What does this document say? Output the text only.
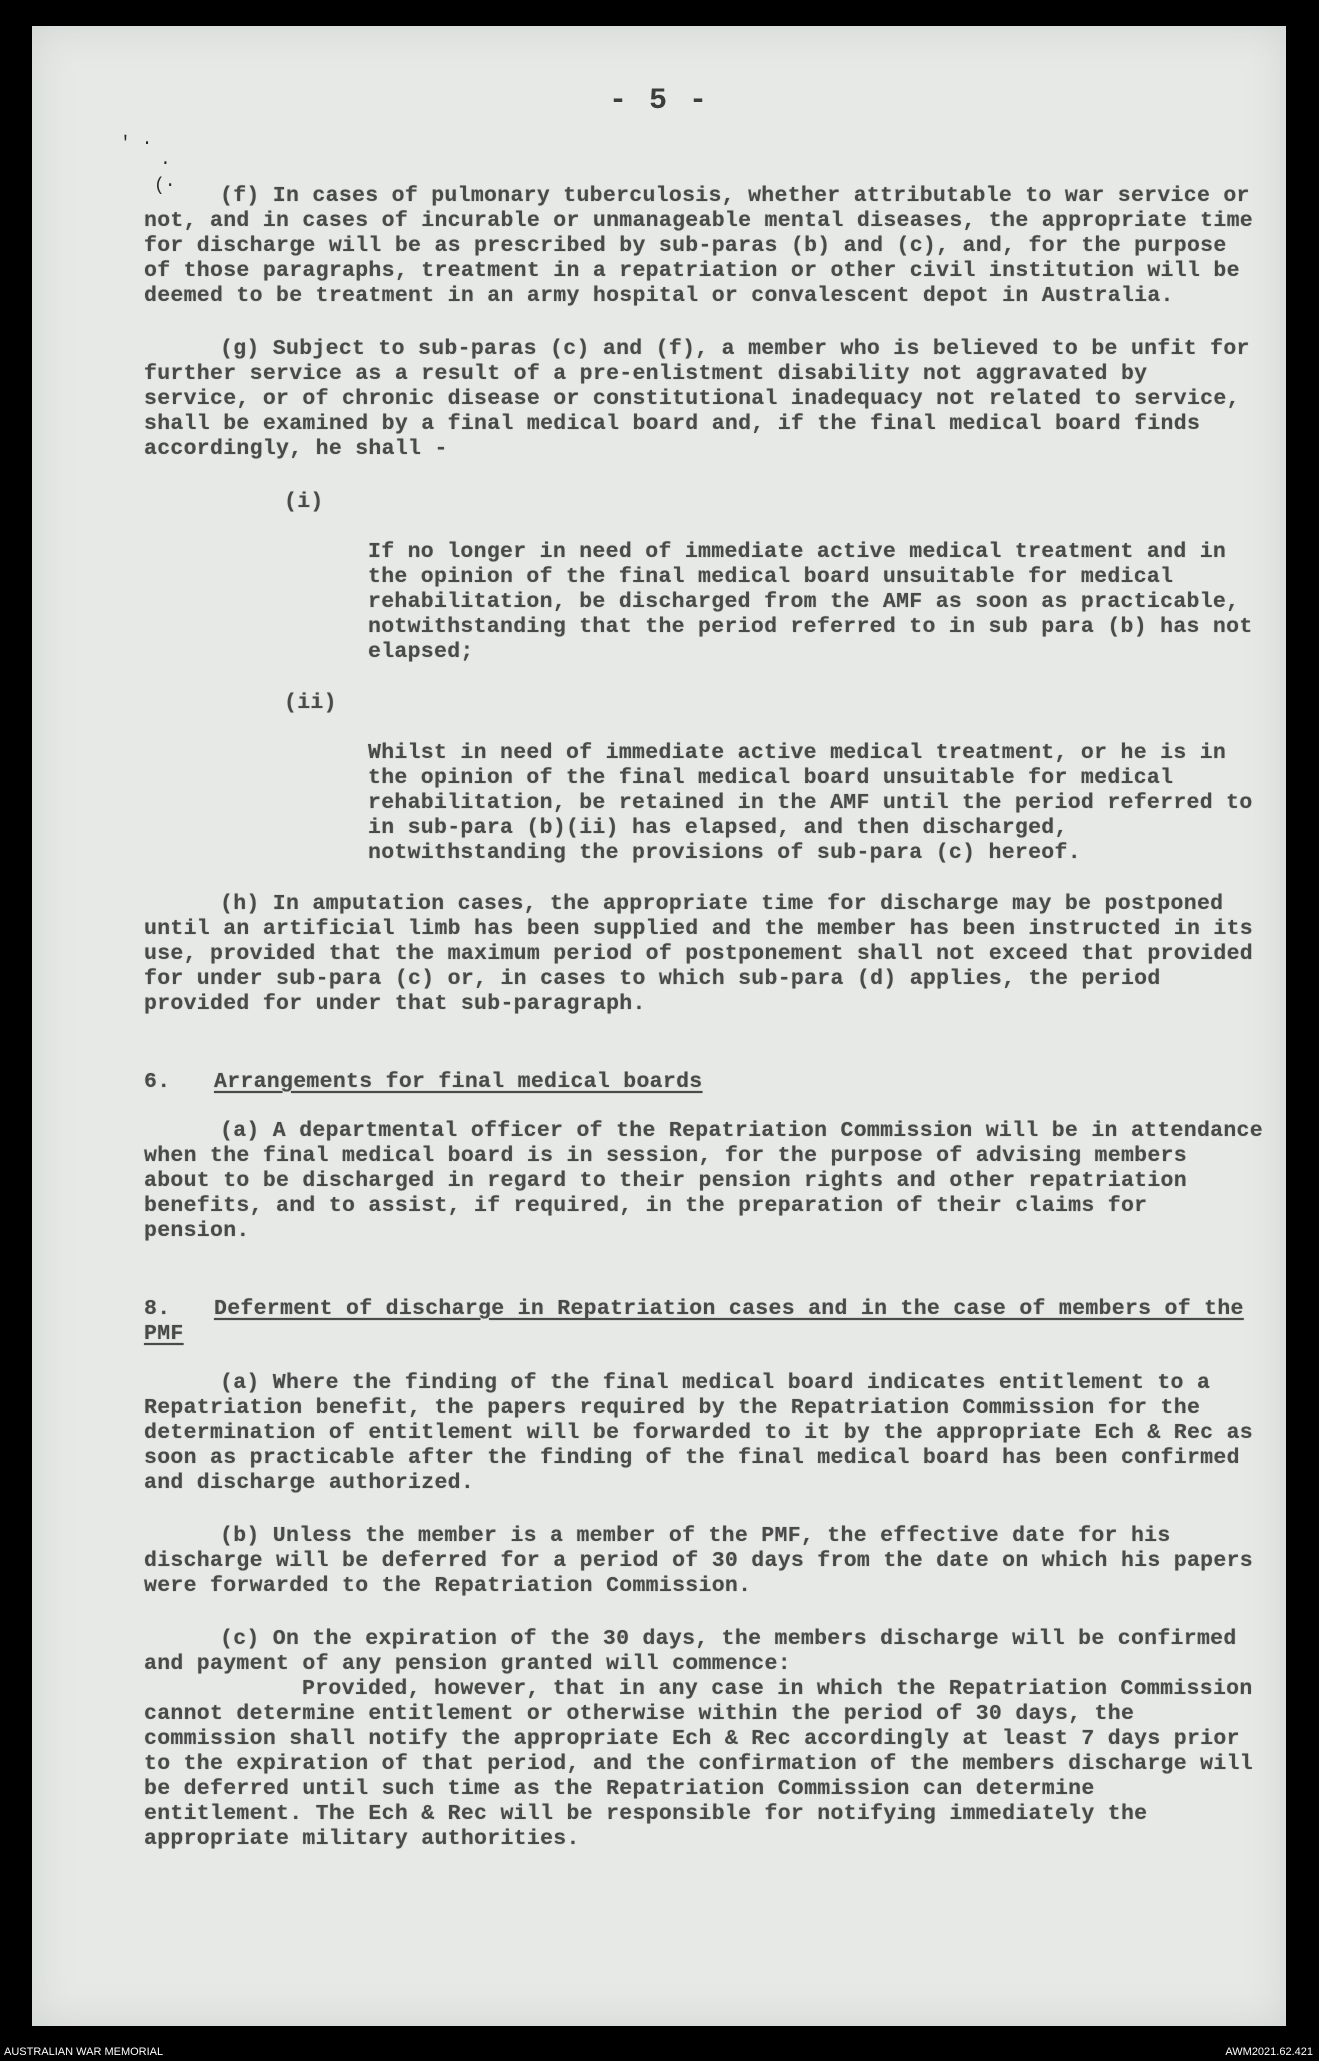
- 5 -
ʹ ·
·
(·	(f) In cases of pulmonary tuberculosis, whether attributable to war service or not, and in cases of incurable or unmanageable mental diseases, the appropriate time for discharge will be as prescribed by sub-paras (b) and (c), and, for the purpose of those paragraphs, treatment in a repatriation or other civil institution will be deemed to be treatment in an army hospital or convalescent depot in Australia.

(g) Subject to sub-paras (c) and (f), a member who is believed to be unfit for further service as a result of a pre-enlistment disability not aggravated by service, or of chronic disease or constitutional inadequacy not related to service, shall be examined by a final medical board and, if the final medical board finds accordingly, he shall -

(i)

If no longer in need of immediate active medical treatment and in the opinion of the final medical board unsuitable for medical rehabilitation, be discharged from the AMF as soon as practicable, notwithstanding that the period referred to in sub para (b) has not elapsed;

(ii)

Whilst in need of immediate active medical treatment, or he is in the opinion of the final medical board unsuitable for medical rehabilitation, be retained in the AMF until the period referred to in sub-para (b)(ii) has elapsed, and then discharged, notwithstanding the provisions of sub-para (c) hereof.

(h) In amputation cases, the appropriate time for discharge may be postponed until an artificial limb has been supplied and the member has been instructed in its use, provided that the maximum period of postponement shall not exceed that provided for under sub-para (c) or, in cases to which sub-para (d) applies, the period provided for under that sub-paragraph.

6. Arrangements for final medical boards

(a) A departmental officer of the Repatriation Commission will be in attendance when the final medical board is in session, for the purpose of advising members about to be discharged in regard to their pension rights and other repatriation benefits, and to assist, if required, in the preparation of their claims for pension.

8. Deferment of discharge in Repatriation cases and in the case of members of the PMF

(a) Where the finding of the final medical board indicates entitlement to a Repatriation benefit, the papers required by the Repatriation Commission for the determination of entitlement will be forwarded to it by the appropriate Ech & Rec as soon as practicable after the finding of the final medical board has been confirmed and discharge authorized.

(b) Unless the member is a member of the PMF, the effective date for his discharge will be deferred for a period of 30 days from the date on which his papers were forwarded to the Repatriation Commission.

(c) On the expiration of the 30 days, the members discharge will be confirmed and payment of any pension granted will commence:

Provided, however, that in any case in which the Repatriation Commission cannot determine entitlement or otherwise within the period of 30 days, the commission shall notify the appropriate Ech & Rec accordingly at least 7 days prior to the expiration of that period, and the confirmation of the members discharge will be deferred until such time as the Repatriation Commission can determine entitlement. The Ech & Rec will be responsible for notifying immediately the appropriate military authorities.

AUSTRALIAN WAR MEMORIAL	AWM2021.62.421
